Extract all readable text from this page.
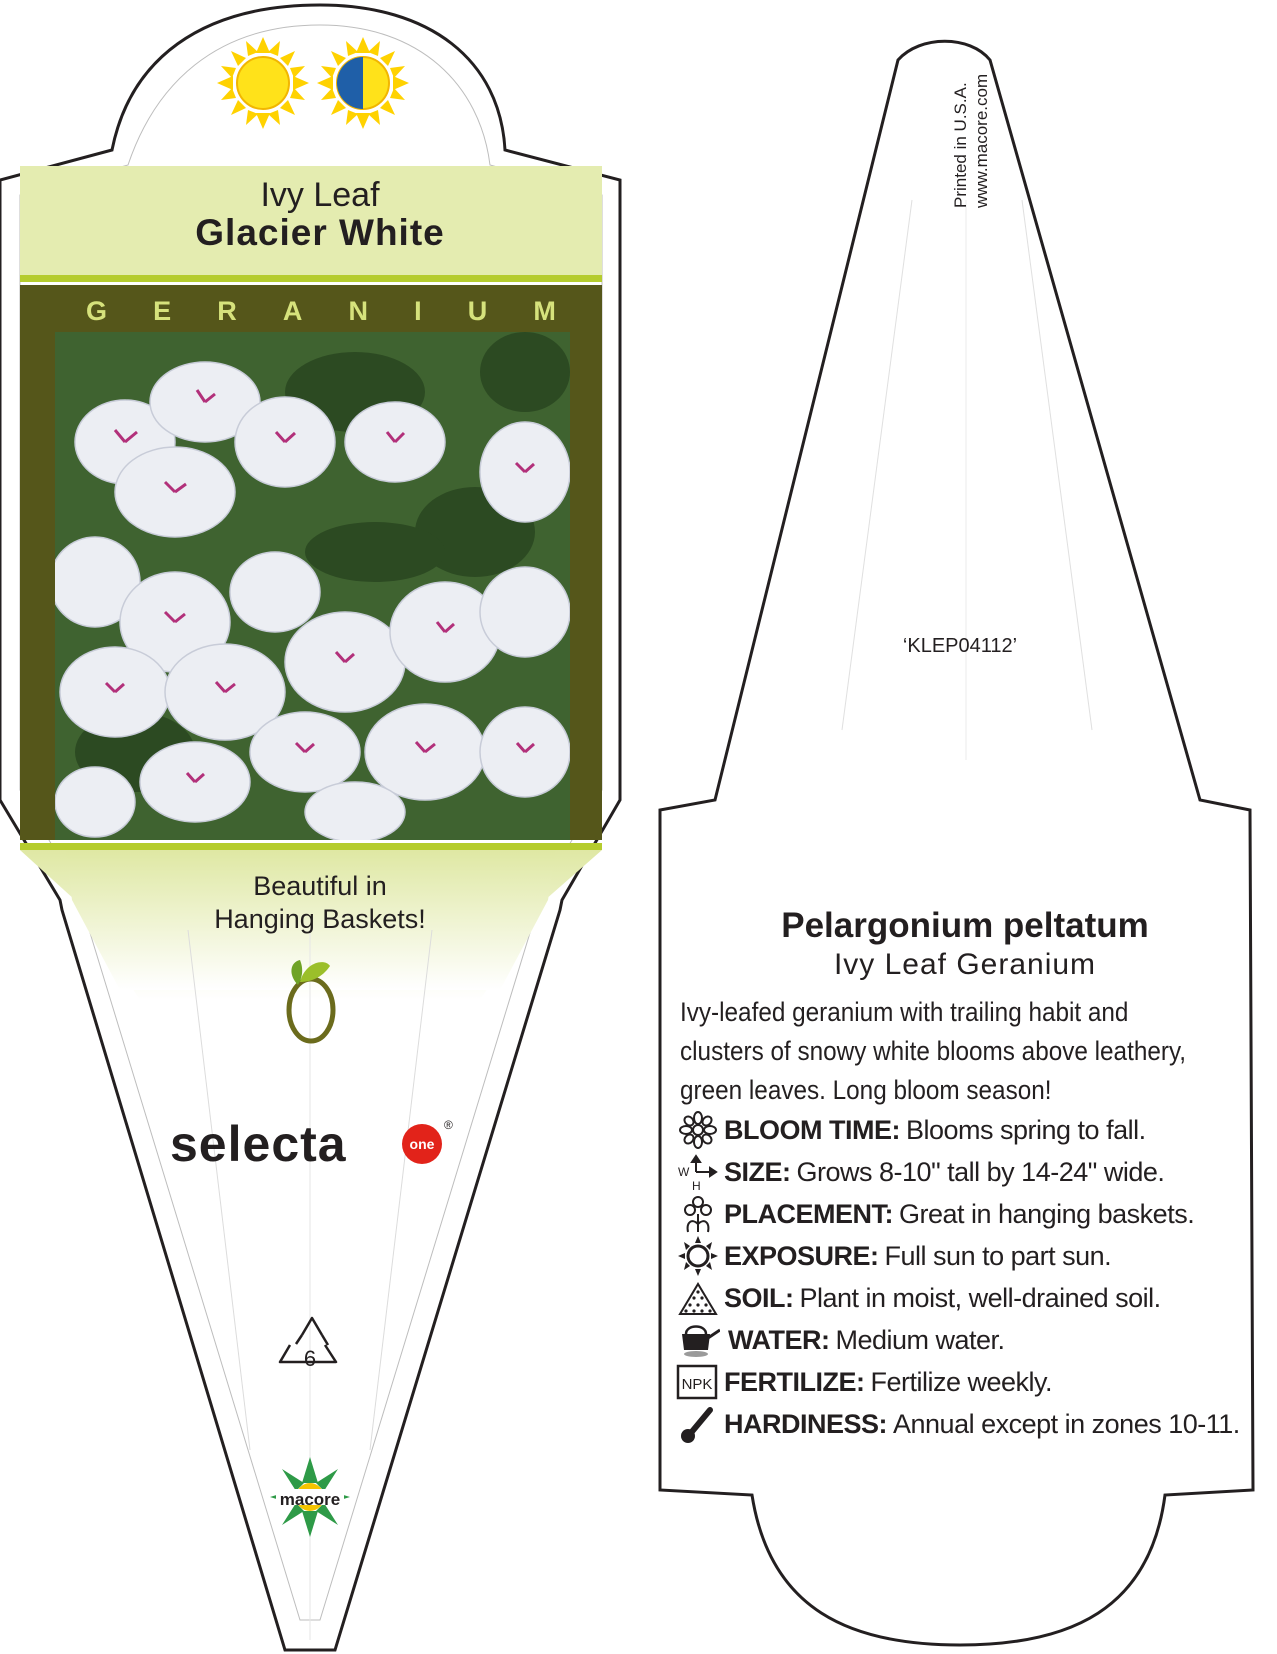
Ivy Leaf
Glacier White
G E R A N I U M
Beautiful in
Hanging Baskets!
selecta	one
®
6
macore
Printed in U.S.A. www.macore.com
‘KLEP04112’
Pelargonium peltatum
Ivy Leaf Geranium
Ivy-leafed geranium with trailing habit and clusters of snowy white blooms above leathery, green leaves. Long bloom season!
BLOOM TIME: Blooms spring to fall.
W
H SIZE: Grows 8-10" tall by 14-24" wide.
PLACEMENT: Great in hanging baskets.
EXPOSURE: Full sun to part sun.
SOIL: Plant in moist, well-drained soil.
WATER: Medium water.
NPK FERTILIZE: Fertilize weekly.
HARDINESS: Annual except in zones 10-11.
